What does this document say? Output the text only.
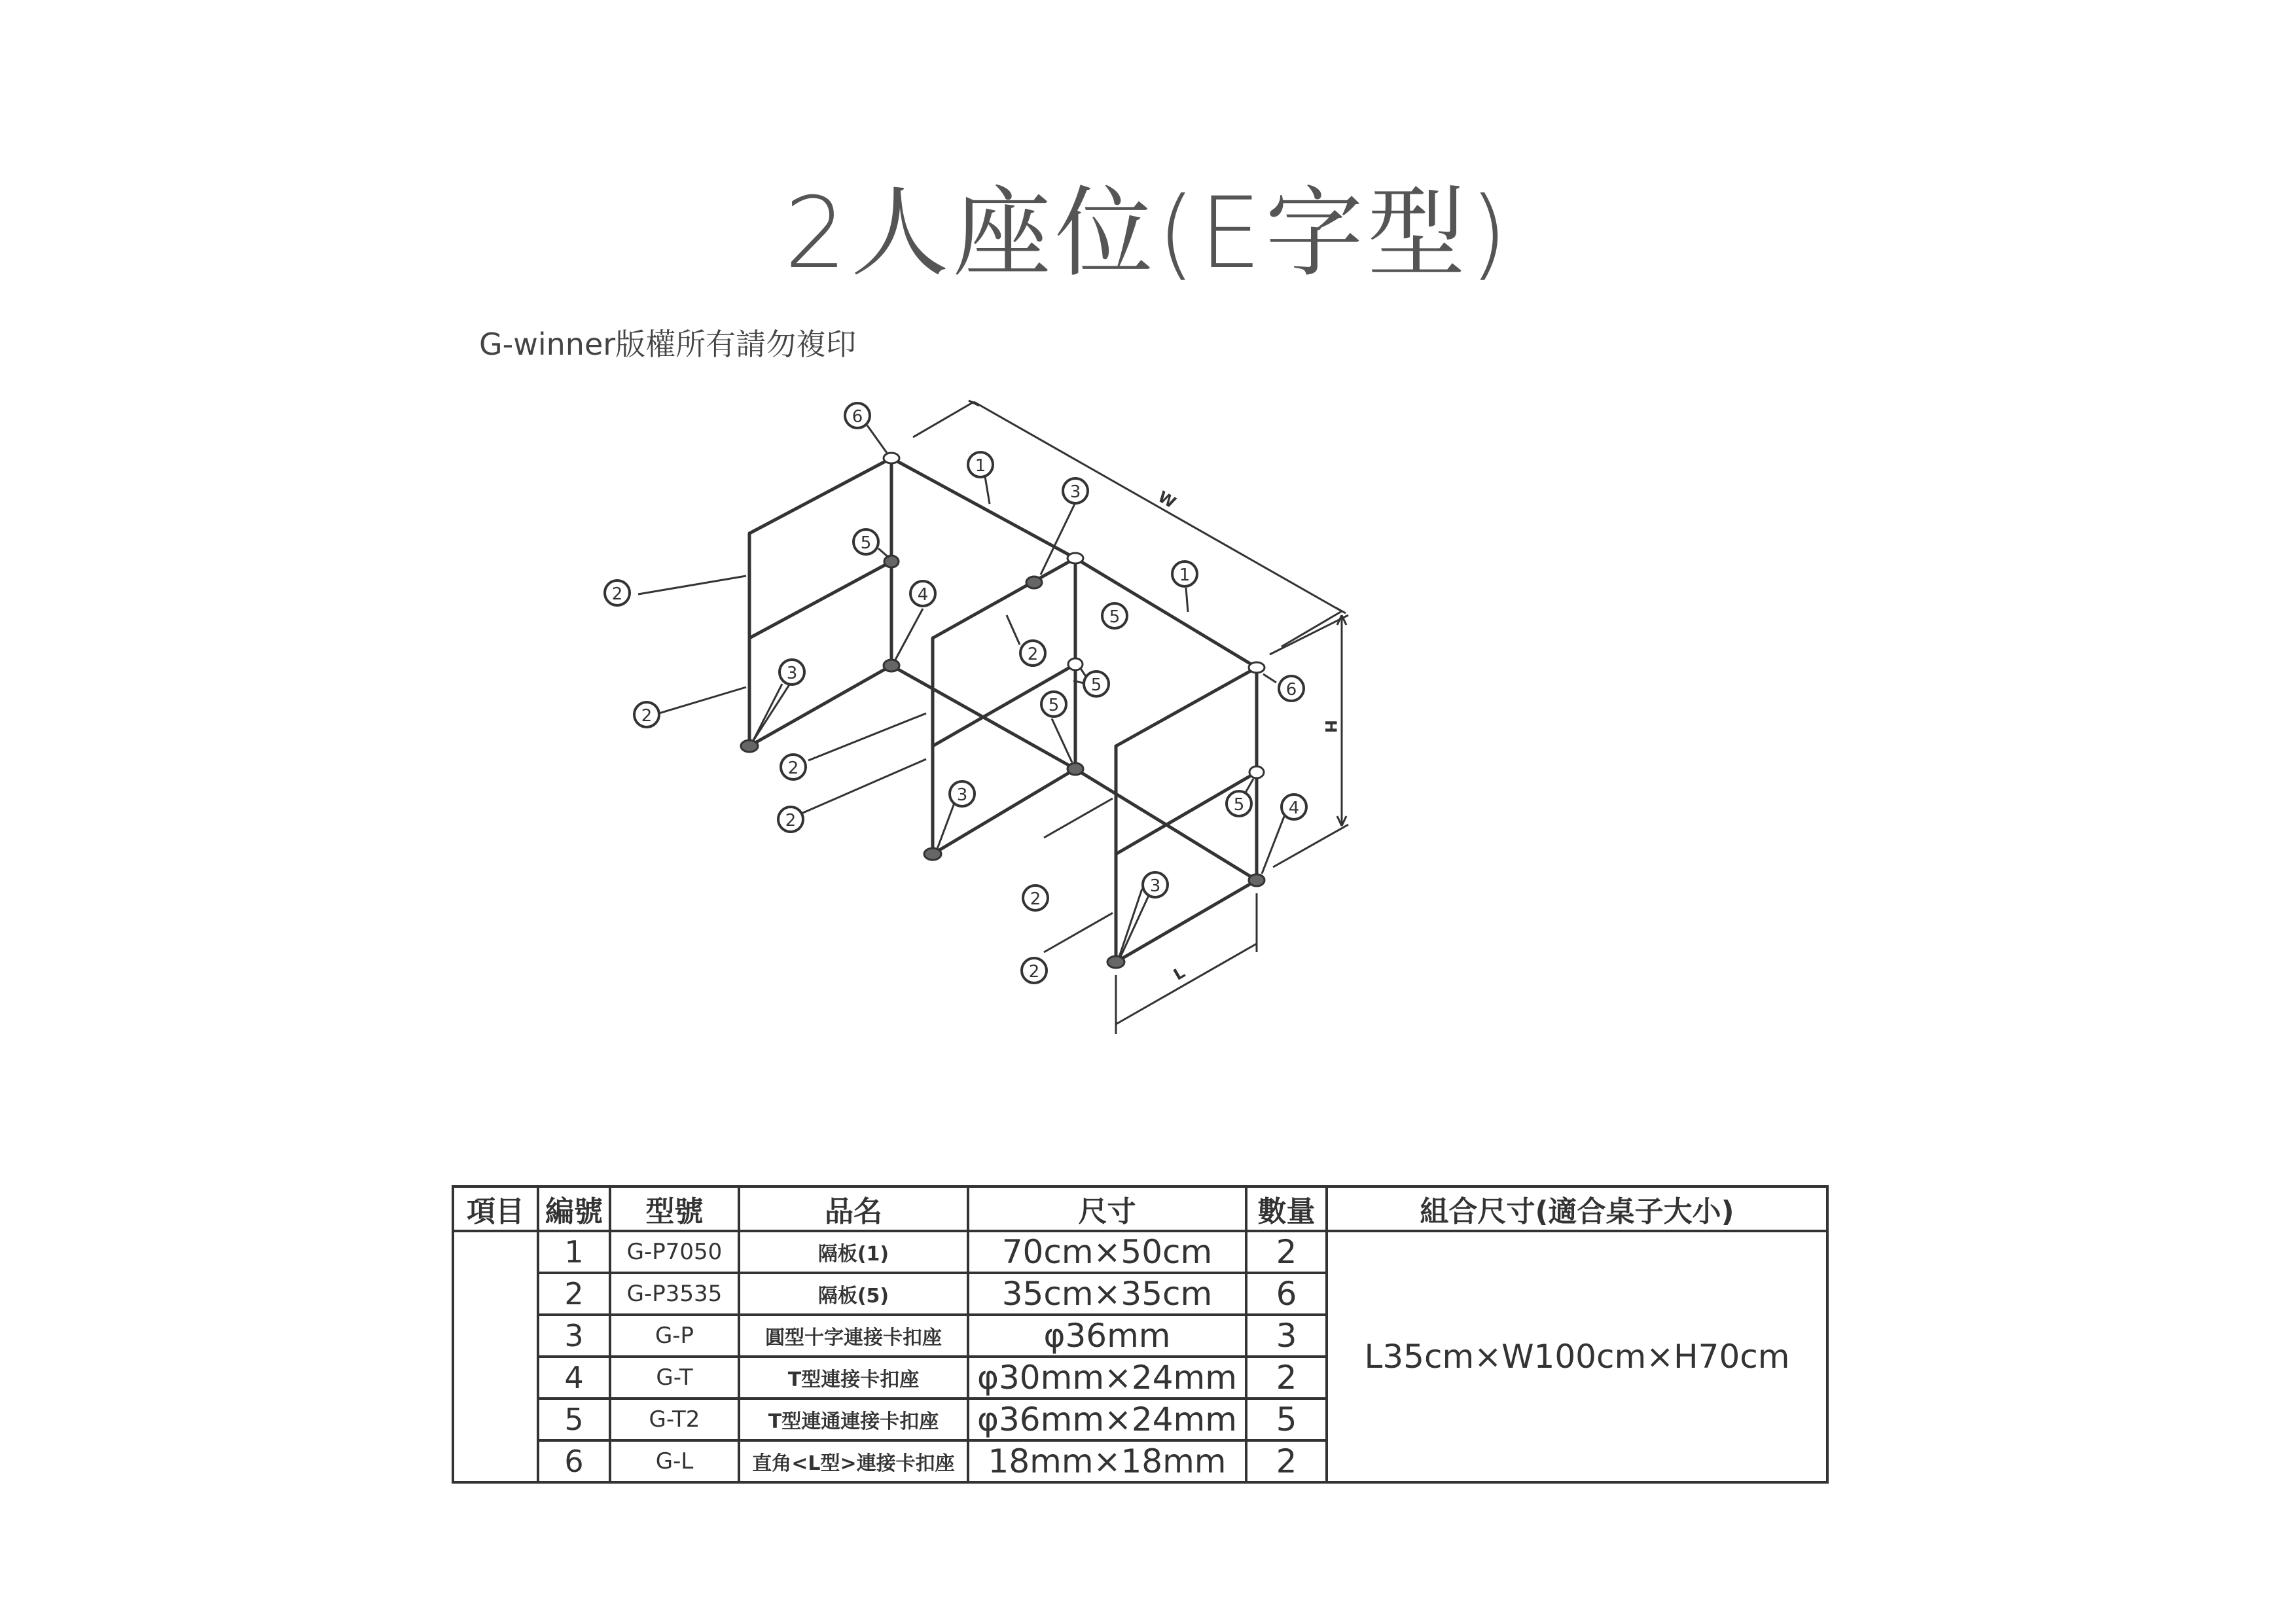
2人座位(E字型)
G-winner版權所有請勿複印
W
H
L
6
1
3
1
5
4
5
2
2
5	6
3
2
5
2
2
3	5	4
2
3
2
項目	編號	型號	品名	尺寸	數量	組合尺寸(適合桌子大小)
	1	G-P7050	隔板(1)	70cm×50cm	2	L35cm×W100cm×H70cm
	2	G-P3535	隔板(5)	35cm×35cm	6	
	3	G-P	圓型十字連接卡扣座	φ36mm	3	
	4	G-T	T型連接卡扣座	φ30mm×24mm	2	
	5	G-T2	T型連通連接卡扣座	φ36mm×24mm	5	
	6	G-L	直角<L型>連接卡扣座	18mm×18mm	2	
